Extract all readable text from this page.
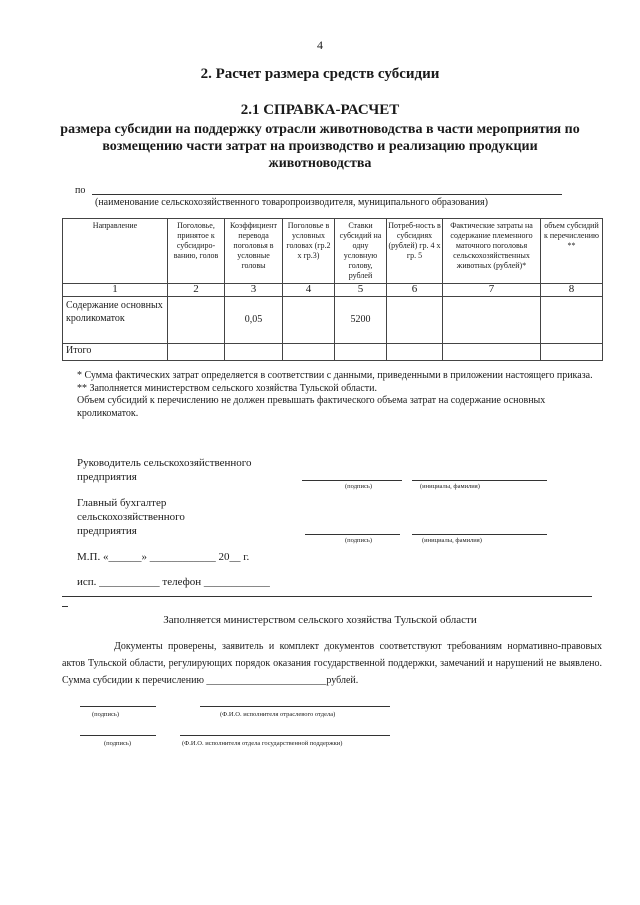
4
2. Расчет размера средств субсидии
2.1 СПРАВКА-РАСЧЕТ
размера субсидии на поддержку отрасли животноводства в части мероприятия по возмещению части затрат на производство и реализацию продукции животноводства
по
(наименование сельскохозяйственного товаропроизводителя, муниципального образования)
Направление	Поголовье, принятое к субсидиро-ванию, голов	Коэффициент перевода поголовья в условные головы	Поголовье в условных головах (гр.2 х гр.3)	Ставки субсидий на одну условную голову, рублей	Потреб-ность в субсидиях (рублей) гр. 4 х гр. 5	Фактические затраты на содержание племенного маточного поголовья сельскохозяйственных животных (рублей)*	объем субсидий к перечислению **
1	2	3	4	5	6	7	8
Содержание основных кроликоматок		0,05		5200			
Итого							

* Сумма фактических затрат определяется в соответствии с данными, приведенными в приложении настоящего приказа.

** Заполняется министерством сельского хозяйства Тульской области.

Объем субсидий к перечислению не должен превышать фактического объема затрат на содержание основных кроликоматок.

Руководитель сельскохозяйственного
предприятия
(подпись)	(инициалы, фамилия)
Главный бухгалтер
сельскохозяйственного
предприятия
(подпись)	(инициалы, фамилия)
М.П. «______» ____________ 20__ г.
исп. ___________ телефон ____________
Заполняется министерством сельского хозяйства Тульской области
Документы проверены, заявитель и комплект документов соответствуют требованиям нормативно-правовых актов Тульской области, регулирующих порядок оказания государственной поддержки, замечаний и нарушений не выявлено. Сумма субсидии к перечислению ________________________рублей.
(подпись)	(Ф.И.О. исполнителя отраслевого отдела)
(подпись)	(Ф.И.О. исполнителя отдела государственной поддержки)
